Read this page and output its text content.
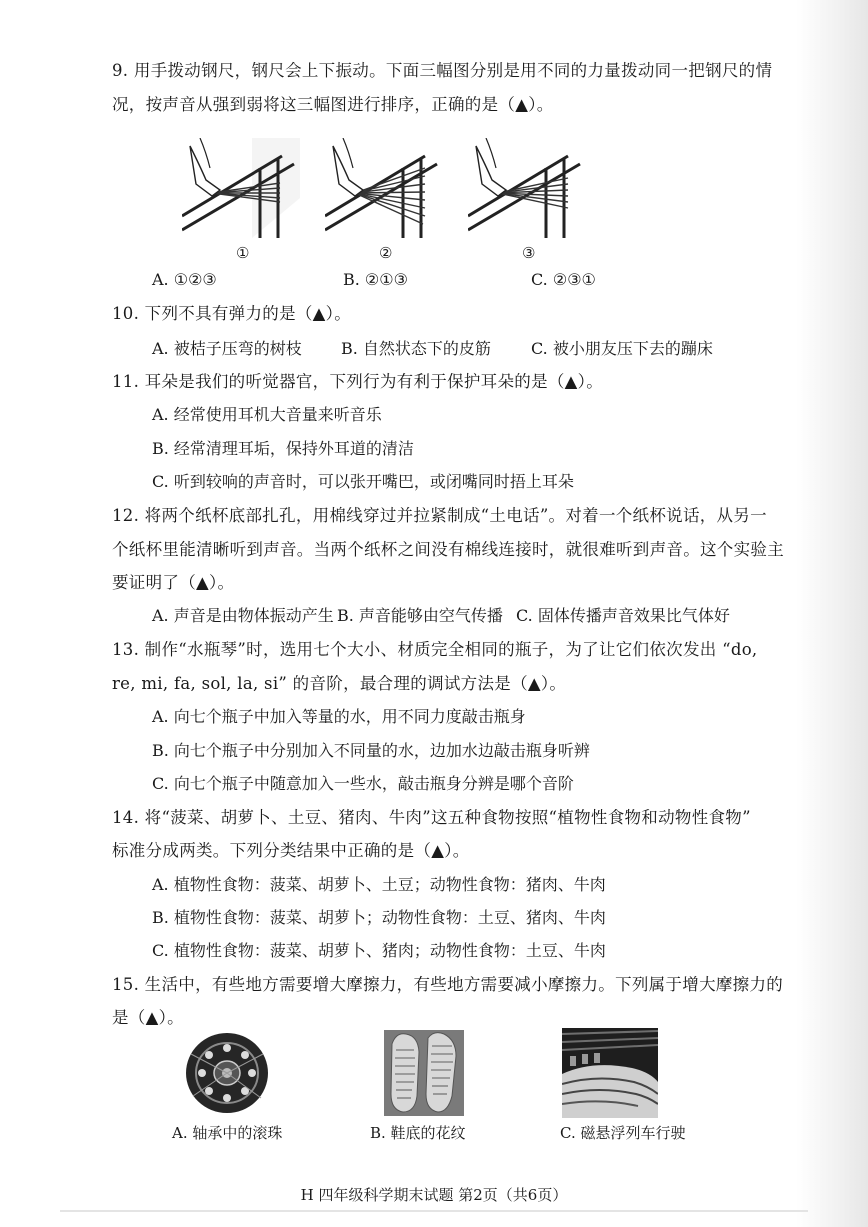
9. 用手拨动钢尺，钢尺会上下振动。下面三幅图分别是用不同的力量拨动同一把钢尺的情
况，按声音从强到弱将这三幅图进行排序，正确的是（▲）。
①	②	③
A. ①②③	B. ②①③	C. ②③①
10. 下列不具有弹力的是（▲）。
A. 被桔子压弯的树枝 B. 自然状态下的皮筋	C. 被小朋友压下去的蹦床
11. 耳朵是我们的听觉器官，下列行为有利于保护耳朵的是（▲）。
A. 经常使用耳机大音量来听音乐
B. 经常清理耳垢，保持外耳道的清洁
C. 听到较响的声音时，可以张开嘴巴，或闭嘴同时捂上耳朵
12. 将两个纸杯底部扎孔，用棉线穿过并拉紧制成“土电话”。对着一个纸杯说话，从另一
个纸杯里能清晰听到声音。当两个纸杯之间没有棉线连接时，就很难听到声音。这个实验主
要证明了（▲）。
A. 声音是由物体振动产生 B. 声音能够由空气传播 C. 固体传播声音效果比气体好
13. 制作“水瓶琴”时，选用七个大小、材质完全相同的瓶子，为了让它们依次发出 “do,
re, mi, fa, sol, la, si” 的音阶，最合理的调试方法是（▲）。
A. 向七个瓶子中加入等量的水，用不同力度敲击瓶身
B. 向七个瓶子中分别加入不同量的水，边加水边敲击瓶身听辨
C. 向七个瓶子中随意加入一些水，敲击瓶身分辨是哪个音阶
14. 将“菠菜、胡萝卜、土豆、猪肉、牛肉”这五种食物按照“植物性食物和动物性食物”
标准分成两类。下列分类结果中正确的是（▲）。
A. 植物性食物：菠菜、胡萝卜、土豆；动物性食物：猪肉、牛肉
B. 植物性食物：菠菜、胡萝卜；动物性食物：土豆、猪肉、牛肉
C. 植物性食物：菠菜、胡萝卜、猪肉；动物性食物：土豆、牛肉
15. 生活中，有些地方需要增大摩擦力，有些地方需要减小摩擦力。下列属于增大摩擦力的
是（▲）。
A. 轴承中的滚珠	B. 鞋底的花纹	C. 磁悬浮列车行驶
H 四年级科学期末试题 第2页（共6页）
